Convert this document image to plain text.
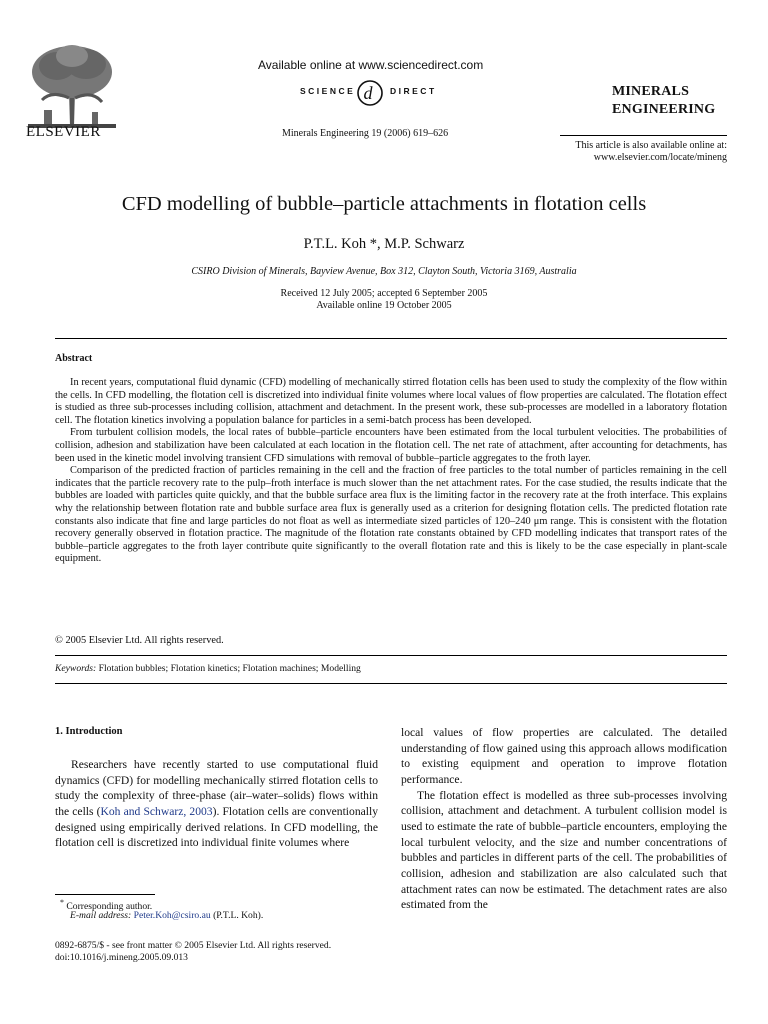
ELSEVIER
Available online at www.sciencedirect.com
d
SCIENCE	DIRECT
Minerals Engineering 19 (2006) 619–626
MINERALS
ENGINEERING
This article is also available online at:
www.elsevier.com/locate/mineng
CFD modelling of bubble–particle attachments in flotation cells
P.T.L. Koh *, M.P. Schwarz
CSIRO Division of Minerals, Bayview Avenue, Box 312, Clayton South, Victoria 3169, Australia
Received 12 July 2005; accepted 6 September 2005
Available online 19 October 2005
Abstract

In recent years, computational fluid dynamic (CFD) modelling of mechanically stirred flotation cells has been used to study the complexity of the flow within the cells. In CFD modelling, the flotation cell is discretized into individual finite volumes where local values of flow properties are calculated. The flotation effect is studied as three sub-processes including collision, attachment and detachment. In the present work, these sub-processes are modelled in a laboratory flotation cell. The flotation kinetics involving a population balance for particles in a semi-batch process has been developed.

From turbulent collision models, the local rates of bubble–particle encounters have been estimated from the local turbulent velocities. The probabilities of collision, adhesion and stabilization have been calculated at each location in the flotation cell. The net rate of attachment, after accounting for detachments, has been used in the kinetic model involving transient CFD simulations with removal of bubble–particle aggregates to the froth layer.

Comparison of the predicted fraction of particles remaining in the cell and the fraction of free particles to the total number of particles remaining in the cell indicates that the particle recovery rate to the pulp–froth interface is much slower than the net attachment rates. For the case studied, the results indicate that the bubbles are loaded with particles quite quickly, and that the bubble surface area flux is the limiting factor in the recovery rate at the froth interface. This explains why the relationship between flotation rate and bubble surface area flux is generally used as a criterion for designing flotation cells. The predicted flotation rate constants also indicate that fine and large particles do not float as well as intermediate sized particles of 120–240 μm range. This is consistent with the flotation recovery generally observed in flotation practice. The magnitude of the flotation rate constants obtained by CFD modelling indicates that transport rates of the bubble–particle aggregates to the froth layer contribute quite significantly to the overall flotation rate and this is likely to be the case especially in plant-scale equipment.

© 2005 Elsevier Ltd. All rights reserved.
Keywords: Flotation bubbles; Flotation kinetics; Flotation machines; Modelling
1. Introduction

Researchers have recently started to use computational fluid dynamics (CFD) for modelling mechanically stirred flotation cells to study the complexity of three-phase (air–water–solids) flows within the cells (Koh and Schwarz, 2003). Flotation cells are conventionally designed using empirically derived relations. In CFD modelling, the flotation cell is discretized into individual finite volumes where

local values of flow properties are calculated. The detailed understanding of flow gained using this approach allows modification to existing equipment and operation to improve flotation performance.

The flotation effect is modelled as three sub-processes involving collision, attachment and detachment. A turbulent collision model is used to estimate the rate of bubble–particle encounters, employing the local turbulent velocity, and the size and number concentrations of bubbles and particles in different parts of the cell. The probabilities of collision, adhesion and stabilization are also calculated such that attachment rates can now be estimated. The detachment rates are also estimated from the

* Corresponding author.
E-mail address: Peter.Koh@csiro.au (P.T.L. Koh).
0892-6875/$ - see front matter © 2005 Elsevier Ltd. All rights reserved.
doi:10.1016/j.mineng.2005.09.013
